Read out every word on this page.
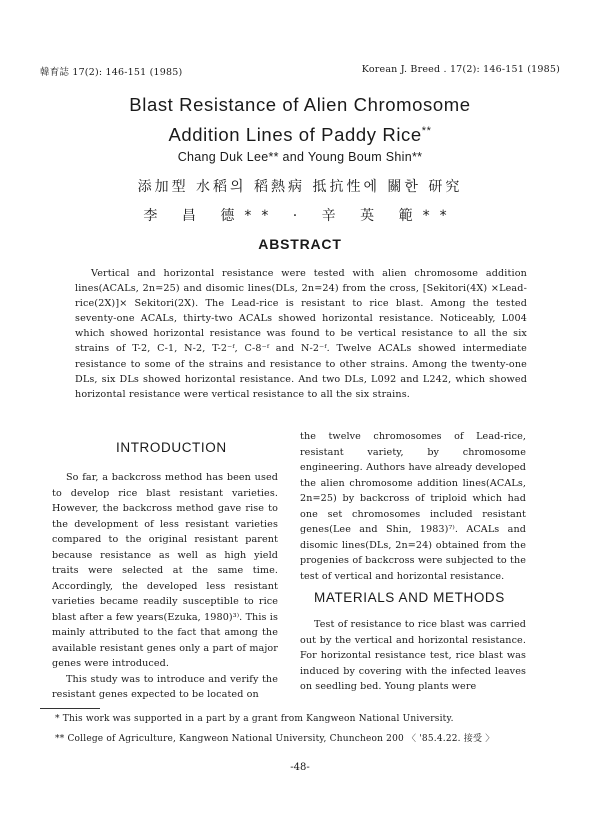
韓育誌 17(2): 146-151 (1985)	Korean J. Breed . 17(2): 146-151 (1985)
Blast Resistance of Alien Chromosome
Addition Lines of Paddy Rice**
Chang Duk Lee** and Young Boum Shin**
添加型 水稻의 稻熱病 抵抗性에 關한 研究
李 昌 德** · 辛 英 範**
ABSTRACT
Vertical and horizontal resistance were tested with alien chromosome addition lines(ACALs, 2n=25) and disomic lines(DLs, 2n=24) from the cross, [Sekitori(4X) ×Lead-rice(2X)]× Sekitori(2X). The Lead-rice is resistant to rice blast. Among the tested seventy-one ACALs, thirty-two ACALs showed horizontal resistance. Noticeably, L004 which showed horizontal resistance was found to be vertical resistance to all the six strains of T-2, C-1, N-2, T-2⁻ᶠ, C-8⁻ᶠ and N-2⁻ᶠ. Twelve ACALs showed intermediate resistance to some of the strains and resistance to other strains. Among the twenty-one DLs, six DLs showed horizontal resistance. And two DLs, L092 and L242, which showed horizontal resistance were vertical resistance to all the six strains.
INTRODUCTION

So far, a backcross method has been used to develop rice blast resistant varieties. However, the backcross method gave rise to the development of less resistant varieties compared to the original resistant parent because resistance as well as high yield traits were selected at the same time. Accordingly, the developed less resistant varieties became readily susceptible to rice blast after a few years(Ezuka, 1980)³⁾. This is mainly attributed to the fact that among the available resistant genes only a part of major genes were introduced.

This study was to introduce and verify the resistant genes expected to be located on

the twelve chromosomes of Lead-rice, resistant variety, by chromosome engineering. Authors have already developed the alien chromosome addition lines(ACALs, 2n=25) by backcross of triploid which had one set chromosomes included resistant genes(Lee and Shin, 1983)⁷⁾. ACALs and disomic lines(DLs, 2n=24) obtained from the progenies of backcross were subjected to the test of vertical and horizontal resistance.

MATERIALS AND METHODS

Test of resistance to rice blast was carried out by the vertical and horizontal resistance. For horizontal resistance test, rice blast was induced by covering with the infected leaves on seedling bed. Young plants were

* This work was supported in a part by a grant from Kangweon National University.
** College of Agriculture, Kangweon National University, Chuncheon 200 〈 '85.4.22. 接受 〉
-48-
